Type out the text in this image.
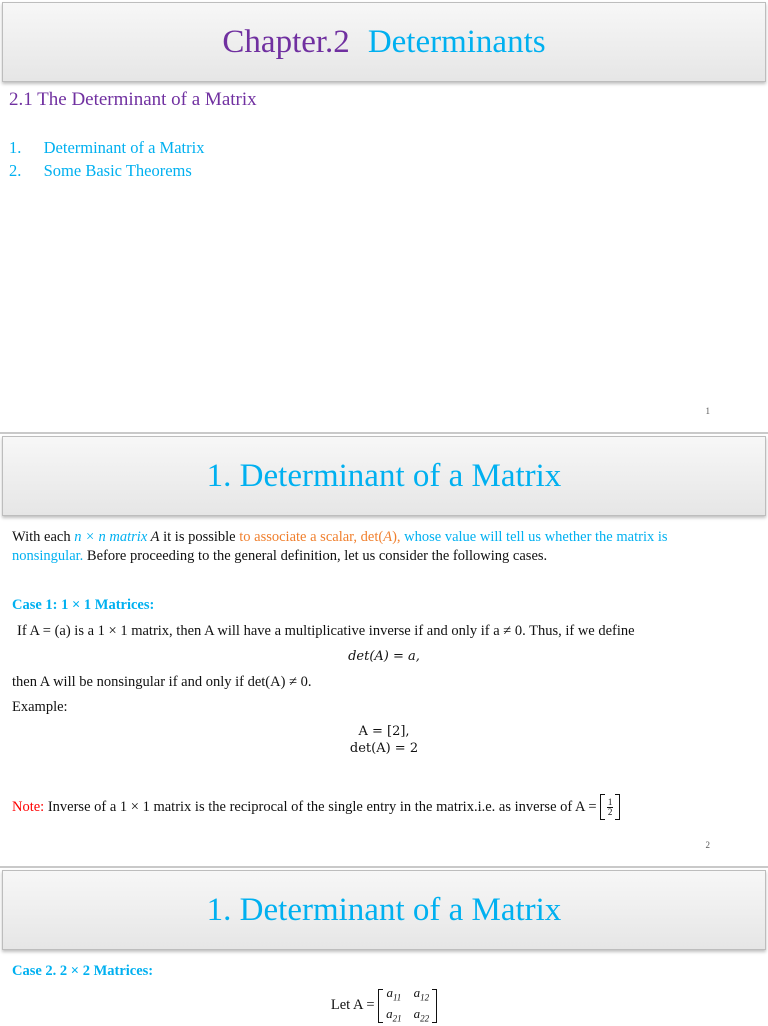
Chapter.2 Determinants
2.1 The Determinant of a Matrix
1. Determinant of a Matrix
2. Some Basic Theorems
1
1. Determinant of a Matrix
With each n × n matrix A it is possible to associate a scalar, det(A), whose value will tell us whether the matrix is
nonsingular. Before proceeding to the general definition, let us consider the following cases.
Case 1: 1 × 1 Matrices:
If A = (a) is a 1 × 1 matrix, then A will have a multiplicative inverse if and only if a ≠ 0. Thus, if we define
det(A) = a,
then A will be nonsingular if and only if det(A) ≠ 0.
Example:
A = [2],
det(A) = 2
Note: Inverse of a 1 × 1 matrix is the reciprocal of the single entry in the matrix.i.e. as inverse of $A = \frac{1}{2}$
2
1. Determinant of a Matrix
Case 2. 2 × 2 Matrices:
Let A =
$a_{11}$ $a_{12}$
$a_{21}$ $a_{22}$
